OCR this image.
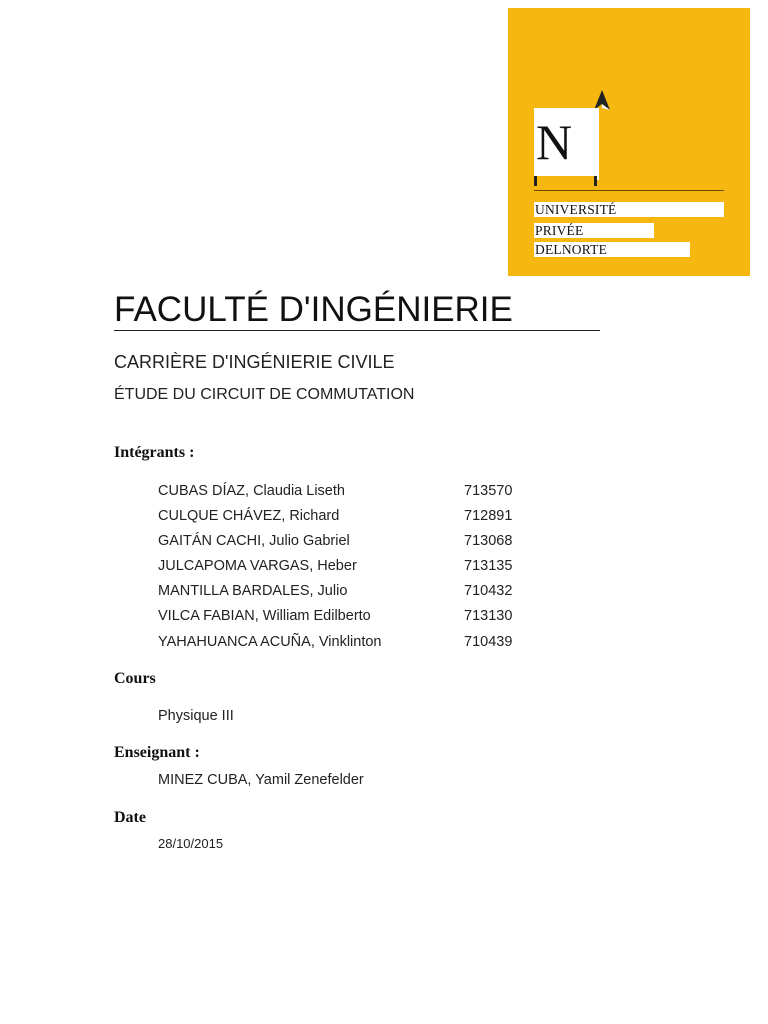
N
UNIVERSITÉ
PRIVÉE
DELNORTE
FACULTÉ D'INGÉNIERIE
CARRIÈRE D'INGÉNIERIE CIVILE
ÉTUDE DU CIRCUIT DE COMMUTATION
Intégrants :
CUBAS DÍAZ, Claudia Liseth	713570
CULQUE CHÁVEZ, Richard	712891
GAITÁN CACHI, Julio Gabriel	713068
JULCAPOMA VARGAS, Heber	713135
MANTILLA BARDALES, Julio	710432
VILCA FABIAN, William Edilberto	713130
YAHAHUANCA ACUÑA, Vinklinton	710439
Cours
Physique III
Enseignant :
MINEZ CUBA, Yamil Zenefelder
Date
28/10/2015
